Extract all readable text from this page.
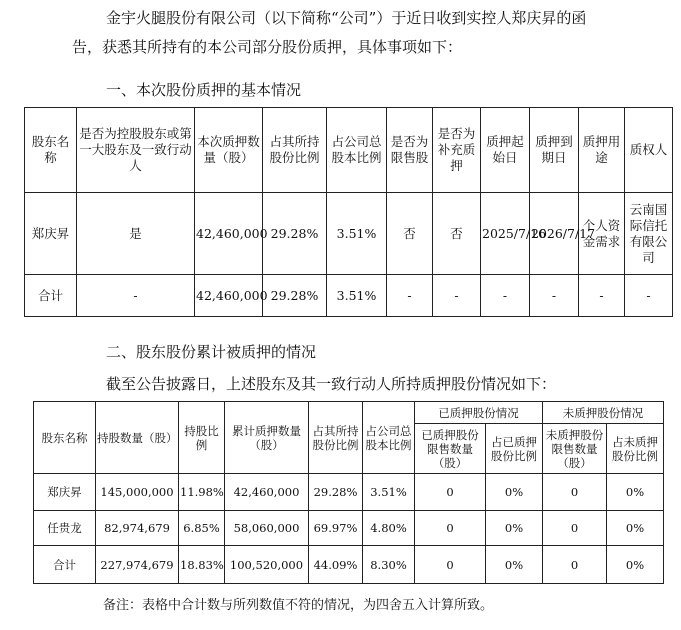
金宇火腿股份有限公司（以下简称“公司”）于近日收到实控人郑庆昇的函
告，获悉其所持有的本公司部分股份质押，具体事项如下：
一、本次股份质押的基本情况
股东名称	是否为控股股东或第一大股东及一致行动人	本次质押数量（股）	占其所持股份比例	占公司总股本比例	是否为限售股	是否为补充质押	质押起始日	质押到期日	质押用途	质权人
郑庆昇	是	42,460,000	29.28%	3.51%	否	否	2025/7/16	2026/7/17	个人资金需求	云南国际信托有限公司
合计	-	42,460,000	29.28%	3.51%	-	-	-	-	-	-
二、股东股份累计被质押的情况
截至公告披露日，上述股东及其一致行动人所持质押股份情况如下：
股东名称	持股数量（股）	持股比例	累计质押数量（股）	占其所持股份比例	占公司总股本比例	已质押股份情况		未质押股份情况	
						已质押股份限售数量（股）	占已质押股份比例	未质押股份限售数量（股）	占未质押股份比例
郑庆昇	145,000,000	11.98%	42,460,000	29.28%	3.51%	0	0%	0	0%
任贵龙	82,974,679	6.85%	58,060,000	69.97%	4.80%	0	0%	0	0%
合计	227,974,679	18.83%	100,520,000	44.09%	8.30%	0	0%	0	0%
备注：表格中合计数与所列数值不符的情况，为四舍五入计算所致。
